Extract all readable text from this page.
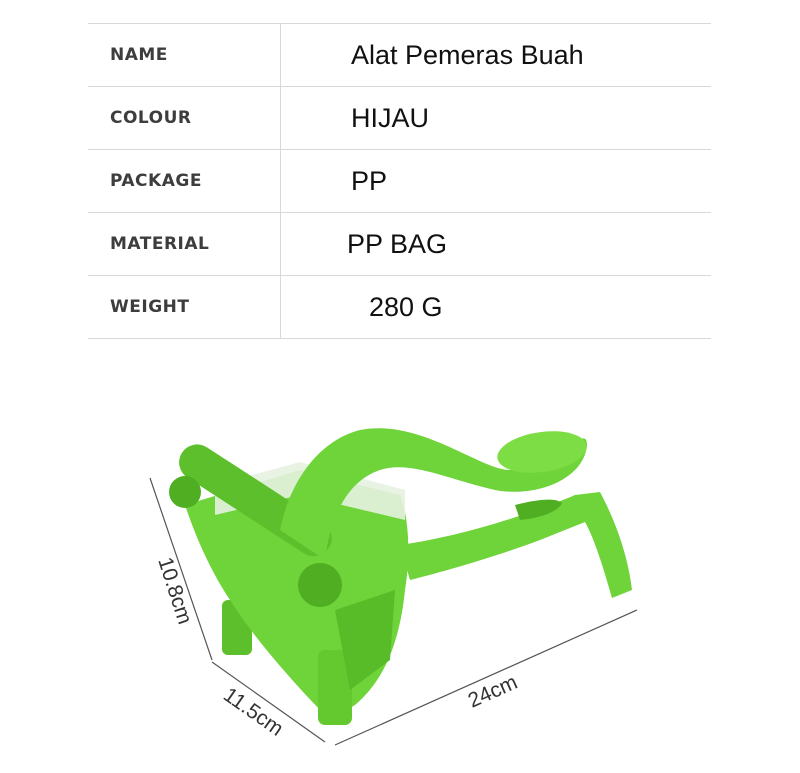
NAME	Alat Pemeras Buah
COLOUR	HIJAU
PACKAGE	PP
MATERIAL	PP BAG
WEIGHT	280 G
10.8cm
11.5cm	24cm
